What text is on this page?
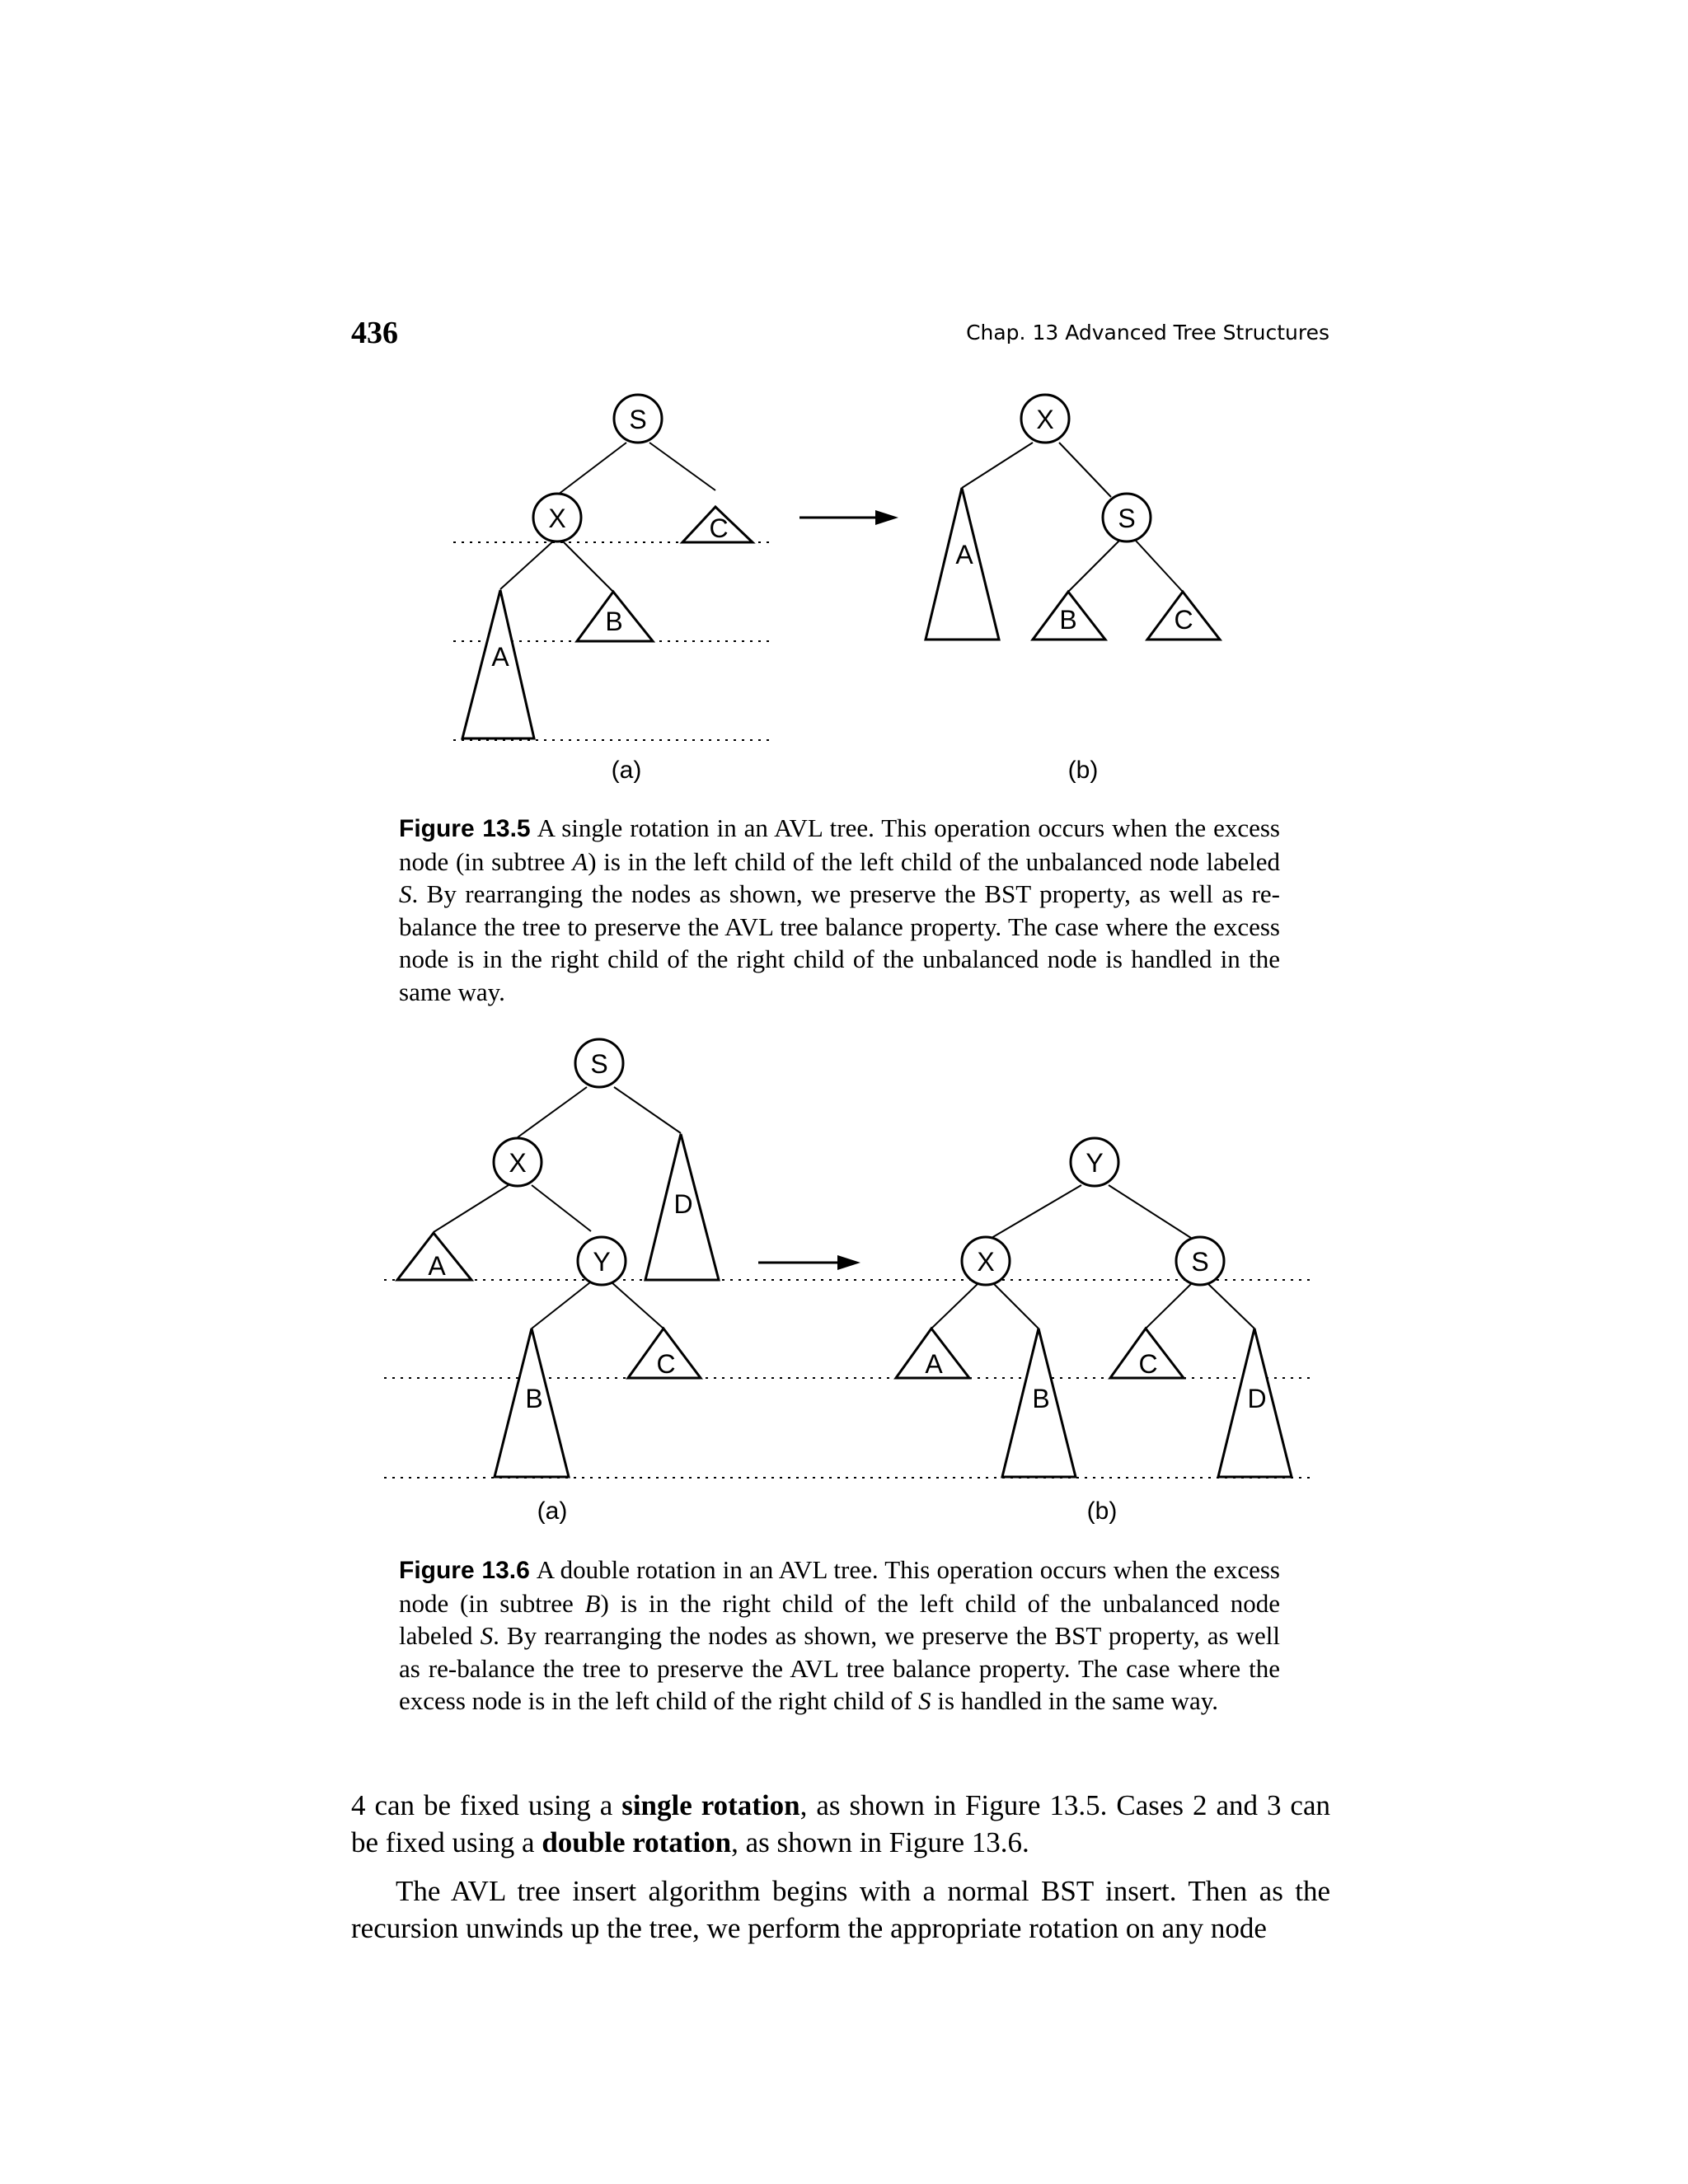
436	Chap. 13 Advanced Tree Structures
S
X	C
B
A
X
S
A
B	C
(a)	(b)
Figure 13.5 A single rotation in an AVL tree. This operation occurs when the excess node (in subtree A) is in the left child of the left child of the unbalanced node labeled S. By rearranging the nodes as shown, we preserve the BST property, as well as re-balance the tree to preserve the AVL tree balance property. The case where the excess node is in the right child of the right child of the unbalanced node is handled in the same way.
S
X
Y
D
A
C
B
Y
X	S
A
B
C
D
(a)	(b)
Figure 13.6 A double rotation in an AVL tree. This operation occurs when the excess node (in subtree B) is in the right child of the left child of the unbalanced node labeled S. By rearranging the nodes as shown, we preserve the BST property, as well as re-balance the tree to preserve the AVL tree balance property. The case where the excess node is in the left child of the right child of S is handled in the same way.

4 can be fixed using a single rotation, as shown in Figure 13.5. Cases 2 and 3 can be fixed using a double rotation, as shown in Figure 13.6.

The AVL tree insert algorithm begins with a normal BST insert. Then as the recursion unwinds up the tree, we perform the appropriate rotation on any node
